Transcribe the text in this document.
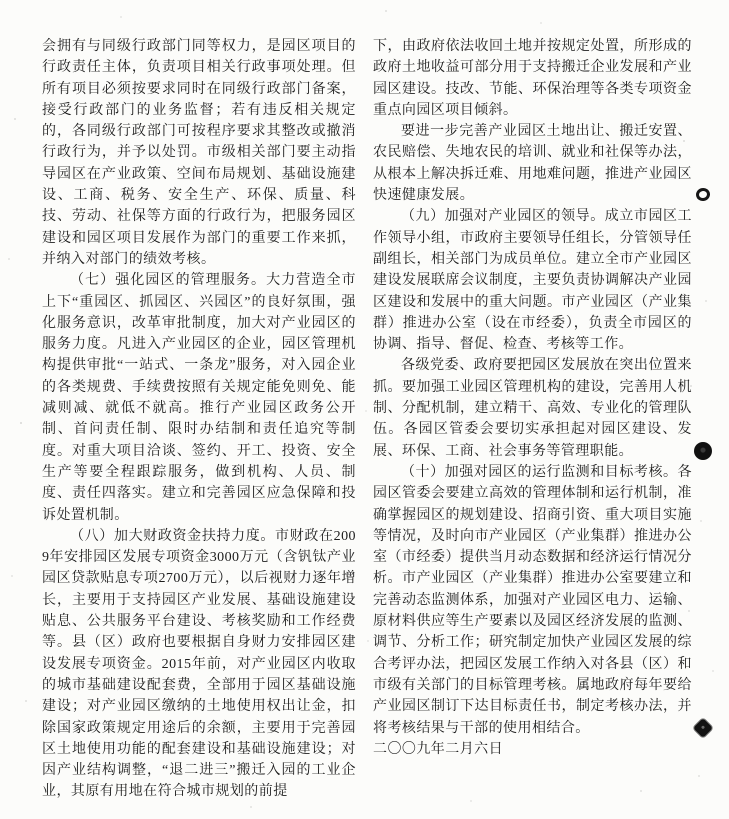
会拥有与同级行政部门同等权力，是园区项目的行政责任主体，负责项目相关行政事项处理。但所有项目必须按要求同时在同级行政部门备案，接受行政部门的业务监督；若有违反相关规定的，各同级行政部门可按程序要求其整改或撤消行政行为，并予以处罚。市级相关部门要主动指导园区在产业政策、空间布局规划、基础设施建设、工商、税务、安全生产、环保、质量、科技、劳动、社保等方面的行政行为，把服务园区建设和园区项目发展作为部门的重要工作来抓，并纳入对部门的绩效考核。

（七）强化园区的管理服务。大力营造全市上下“重园区、抓园区、兴园区”的良好氛围，强化服务意识，改革审批制度，加大对产业园区的服务力度。凡进入产业园区的企业，园区管理机构提供审批“一站式、一条龙”服务，对入园企业的各类规费、手续费按照有关规定能免则免、能减则减、就低不就高。推行产业园区政务公开制、首问责任制、限时办结制和责任追究等制度。对重大项目洽谈、签约、开工、投资、安全生产等要全程跟踪服务，做到机构、人员、制度、责任四落实。建立和完善园区应急保障和投诉处置机制。

（八）加大财政资金扶持力度。市财政在2009年安排园区发展专项资金3000万元（含钒钛产业园区贷款贴息专项2700万元），以后视财力逐年增长，主要用于支持园区产业发展、基础设施建设贴息、公共服务平台建设、考核奖励和工作经费等。县（区）政府也要根据自身财力安排园区建设发展专项资金。2015年前，对产业园区内收取的城市基础建设配套费，全部用于园区基础设施建设；对产业园区缴纳的土地使用权出让金，扣除国家政策规定用途后的余额，主要用于完善园区土地使用功能的配套建设和基础设施建设；对因产业结构调整，“退二进三”搬迁入园的工业企业，其原有用地在符合城市规划的前提

下，由政府依法收回土地并按规定处置，所形成的政府土地收益可部分用于支持搬迁企业发展和产业园区建设。技改、节能、环保治理等各类专项资金重点向园区项目倾斜。

要进一步完善产业园区土地出让、搬迁安置、农民赔偿、失地农民的培训、就业和社保等办法，从根本上解决拆迁难、用地难问题，推进产业园区快速健康发展。

（九）加强对产业园区的领导。成立市园区工作领导小组，市政府主要领导任组长，分管领导任副组长，相关部门为成员单位。建立全市产业园区建设发展联席会议制度，主要负责协调解决产业园区建设和发展中的重大问题。市产业园区（产业集群）推进办公室（设在市经委），负责全市园区的协调、指导、督促、检查、考核等工作。

各级党委、政府要把园区发展放在突出位置来抓。要加强工业园区管理机构的建设，完善用人机制、分配机制，建立精干、高效、专业化的管理队伍。各园区管委会要切实承担起对园区建设、发展、环保、工商、社会事务等管理职能。

（十）加强对园区的运行监测和目标考核。各园区管委会要建立高效的管理体制和运行机制，准确掌握园区的规划建设、招商引资、重大项目实施等情况，及时向市产业园区（产业集群）推进办公室（市经委）提供当月动态数据和经济运行情况分析。市产业园区（产业集群）推进办公室要建立和完善动态监测体系，加强对产业园区电力、运输、原材料供应等生产要素以及园区经济发展的监测、调节、分析工作；研究制定加快产业园区发展的综合考评办法，把园区发展工作纳入对各县（区）和市级有关部门的目标管理考核。属地政府每年要给产业园区制订下达目标责任书，制定考核办法，并将考核结果与干部的使用相结合。

二〇〇九年二月六日
